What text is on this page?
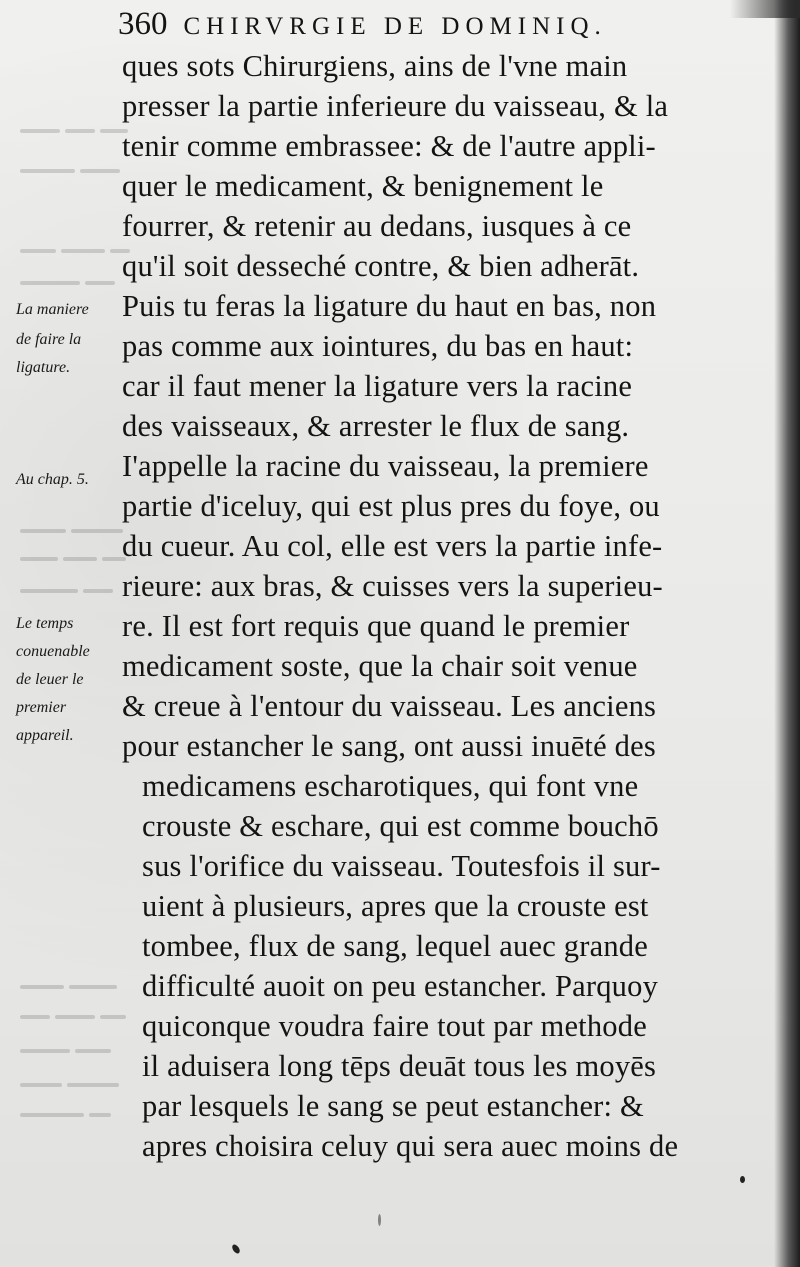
360 CHIRVRGIE DE DOMINIQ.
ques sots Chirurgiens, ains de l'vne main
presser la partie inferieure du vaisseau, & la
tenir comme embrassee: & de l'autre appli-
quer le medicament, & benignement le
fourrer, & retenir au dedans, iusques à ce
qu'il soit desseché contre, & bien adherāt.
Puis tu feras la ligature du haut en bas, non
pas comme aux iointures, du bas en haut:
car il faut mener la ligature vers la racine
des vaisseaux, & arrester le flux de sang.
I'appelle la racine du vaisseau, la premiere
partie d'iceluy, qui est plus pres du foye, ou
du cueur. Au col, elle est vers la partie infe-
rieure: aux bras, & cuisses vers la superieu-
re. Il est fort requis que quand le premier
medicament soste, que la chair soit venue
& creue à l'entour du vaisseau. Les anciens
pour estancher le sang, ont aussi inuēté des
medicamens escharotiques, qui font vne
crouste & eschare, qui est comme bouchō
sus l'orifice du vaisseau. Toutesfois il sur-
uient à plusieurs, apres que la crouste est
tombee, flux de sang, lequel auec grande
difficulté auoit on peu estancher. Parquoy
quiconque voudra faire tout par methode
il aduisera long tēps deuāt tous les moyēs
par lesquels le sang se peut estancher: &
apres choisira celuy qui sera auec moins de
La maniere
de faire la
ligature.
Au chap. 5.
Le temps
conuenable
de leuer le
premier
appareil.
